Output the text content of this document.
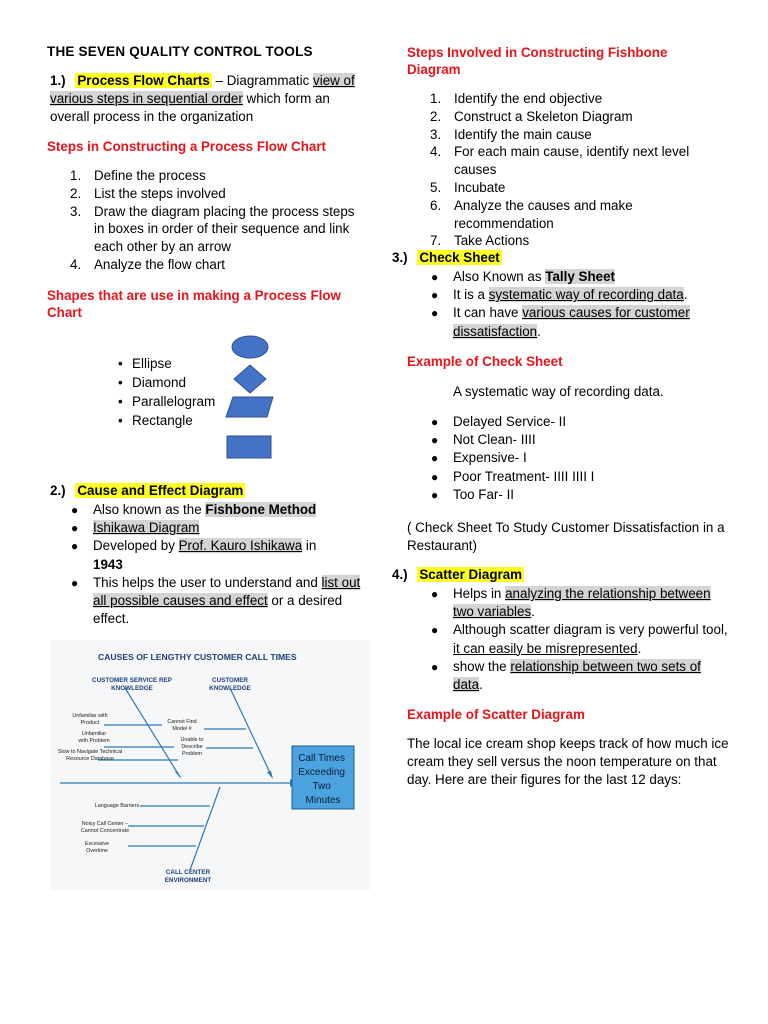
THE SEVEN QUALITY CONTROL TOOLS
1.) Process Flow Charts – Diagrammatic view of various steps in sequential order which form an overall process in the organization
Steps in Constructing a Process Flow Chart
1. Define the process
2. List the steps involved
3. Draw the diagram placing the process steps in boxes in order of their sequence and link each other by an arrow
4. Analyze the flow chart
Shapes that are use in making a Process Flow Chart
• Ellipse
• Diamond
• Parallelogram
• Rectangle
2.) Cause and Effect Diagram
● Also known as the Fishbone Method
● Ishikawa Diagram
● Developed by Prof. Kauro Ishikawa in
1943
● This helps the user to understand and list out all possible causes and effect or a desired effect.
CAUSES OF LENGTHY CUSTOMER CALL TIMES
CUSTOMER SERVICE REP KNOWLEDGE
CUSTOMER KNOWLEDGE
CALL CENTER ENVIRONMENT
Unfamiliar with Product
Unfamiliar with Problem
Slow to Navigate Technical Resource Database
Cannot Find Model #
Unable to Describe Problem
Language Barriers
Noisy Call Center – Cannot Concentrate
Excessive Overtime
Call Times Exceeding Two Minutes
Steps Involved in Constructing Fishbone
Diagram
1. Identify the end objective
2. Construct a Skeleton Diagram
3. Identify the main cause
4. For each main cause, identify next level causes
5. Incubate
6. Analyze the causes and make recommendation
7. Take Actions
3.) Check Sheet
● Also Known as Tally Sheet
● It is a systematic way of recording data.
● It can have various causes for customer dissatisfaction.
Example of Check Sheet
A systematic way of recording data.
● Delayed Service- II
● Not Clean- IIII
● Expensive- I
● Poor Treatment- IIII IIII I
● Too Far- II
( Check Sheet To Study Customer Dissatisfaction in a Restaurant)
4.) Scatter Diagram
● Helps in analyzing the relationship between two variables.
● Although scatter diagram is very powerful tool, it can easily be misrepresented.
● show the relationship between two sets of data.
Example of Scatter Diagram
The local ice cream shop keeps track of how much ice cream they sell versus the noon temperature on that day. Here are their figures for the last 12 days:
